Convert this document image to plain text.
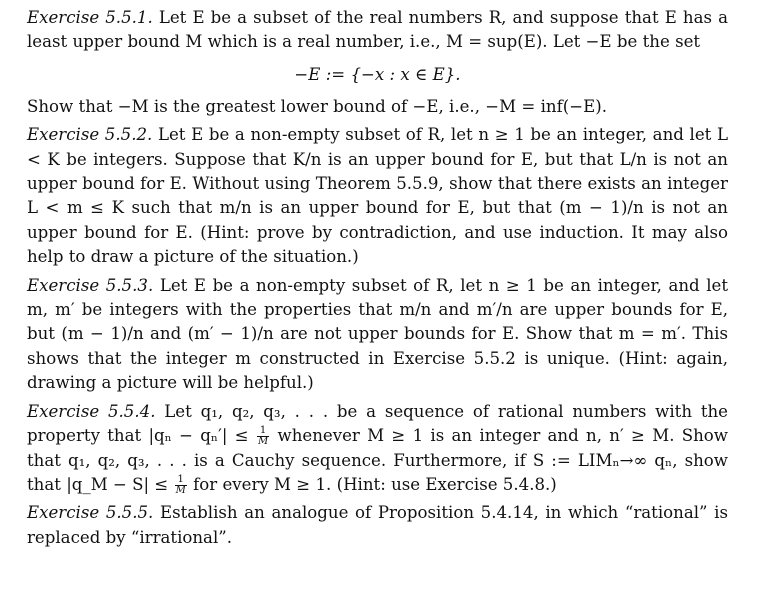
Exercise 5.5.1. Let E be a subset of the real numbers R, and suppose that E has a least upper bound M which is a real number, i.e., M = sup(E). Let −E be the set

−E := {−x : x ∈ E}.

Show that −M is the greatest lower bound of −E, i.e., −M = inf(−E).

Exercise 5.5.2. Let E be a non-empty subset of R, let n ≥ 1 be an integer, and let L < K be integers. Suppose that K/n is an upper bound for E, but that L/n is not an upper bound for E. Without using Theorem 5.5.9, show that there exists an integer L < m ≤ K such that m/n is an upper bound for E, but that (m − 1)/n is not an upper bound for E. (Hint: prove by contradiction, and use induction. It may also help to draw a picture of the situation.)

Exercise 5.5.3. Let E be a non-empty subset of R, let n ≥ 1 be an integer, and let m, m′ be integers with the properties that m/n and m′/n are upper bounds for E, but (m − 1)/n and (m′ − 1)/n are not upper bounds for E. Show that m = m′. This shows that the integer m constructed in Exercise 5.5.2 is unique. (Hint: again, drawing a picture will be helpful.)

Exercise 5.5.4. Let q₁, q₂, q₃, . . . be a sequence of rational numbers with the property that $|q_n - q_n'| \le \frac{1}{M}$ whenever M ≥ 1 is an integer and n, n′ ≥ M. Show that q₁, q₂, q₃, . . . is a Cauchy sequence. Furthermore, if S := LIMₙ→∞ qₙ, show that |q_M − $S| \le \frac{1}{M}$ for every M ≥ 1. (Hint: use Exercise 5.4.8.)

Exercise 5.5.5. Establish an analogue of Proposition 5.4.14, in which “rational” is replaced by “irrational”.
